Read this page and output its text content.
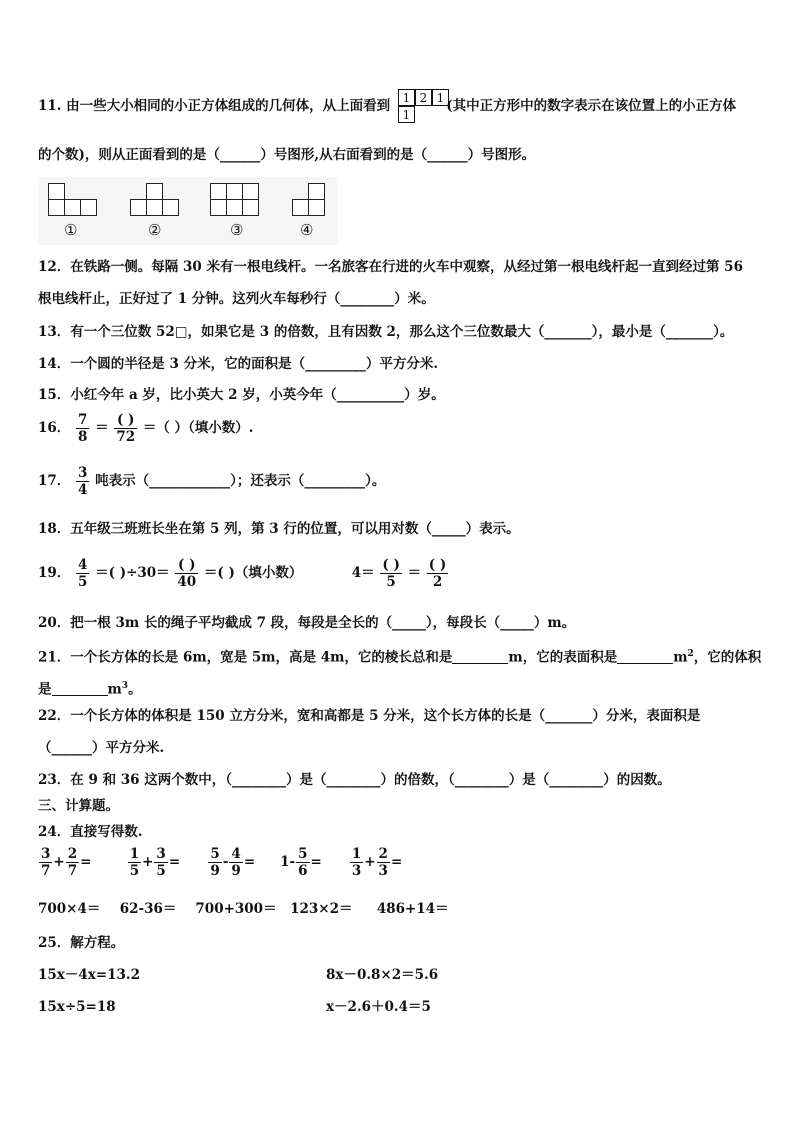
11. 由一些大小相同的小正方体组成的几何体，从上面看到	(其中正方形中的数字表示在该位置上的小正方体
1 2 1
1
的个数)，则从正面看到的是（______）号图形,从右面看到的是（______）号图形。
①	②	③	④
12．在铁路一侧。每隔 30 米有一根电线杆。一名旅客在行进的火车中观察，从经过第一根电线杆起一直到经过第 56
根电线杆止，正好过了 1 分钟。这列火车每秒行（________）米。
13．有一个三位数 52□，如果它是 3 的倍数，且有因数 2，那么这个三位数最大（_______），最小是（_______）。
14．一个圆的半径是 3 分米，它的面积是（_________）平方分米.
15．小红今年 a 岁，比小英大 2 岁，小英今年（__________）岁。
16． $\frac{7}{8} = \frac{( )}{72}$ ＝（ ）（填小数）.
17． $\frac{3}{4}$ 吨表示（____________）；还表示（_________）。
18．五年级三班班长坐在第 5 列，第 3 行的位置，可以用对数（_____）表示。
19． $\frac{4}{5}$ ＝( )$\div 30= \frac{( )}{40}$ ＝( )（填小数）	$4= \frac{( )}{5} = \frac{( )}{2}$
20．把一根 3m 长的绳子平均截成 7 段，每段是全长的（_____），每段长（_____）m。
21．一个长方体的长是 6m，宽是 5m，高是 4m，它的棱长总和是	m，它的表面积是	$m^2$，它的体积
是	$m^3$。
22．一个长方体的体积是 150 立方分米，宽和高都是 5 分米，这个长方体的长是（_______）分米，表面积是
（______）平方分米.
23．在 9 和 36 这两个数中，（________）是（________）的倍数，（________）是（________）的因数。
三、计算题。
24．直接写得数.
$\frac{3}{7} + \frac{2}{7}$ =	$\frac{1}{5} + \frac{3}{5} = \frac{5}{9} - \frac{4}{9} = 1- \frac{5}{6} = \frac{1}{3} + \frac{2}{3}$ =
700×4＝ 62-36＝ 700+300＝ 123×2＝ 486+14＝
25．解方程。
15x－4x=13.2	8x－0.8×2＝5.6
15x÷5=18	x－2.6＋0.4＝5
